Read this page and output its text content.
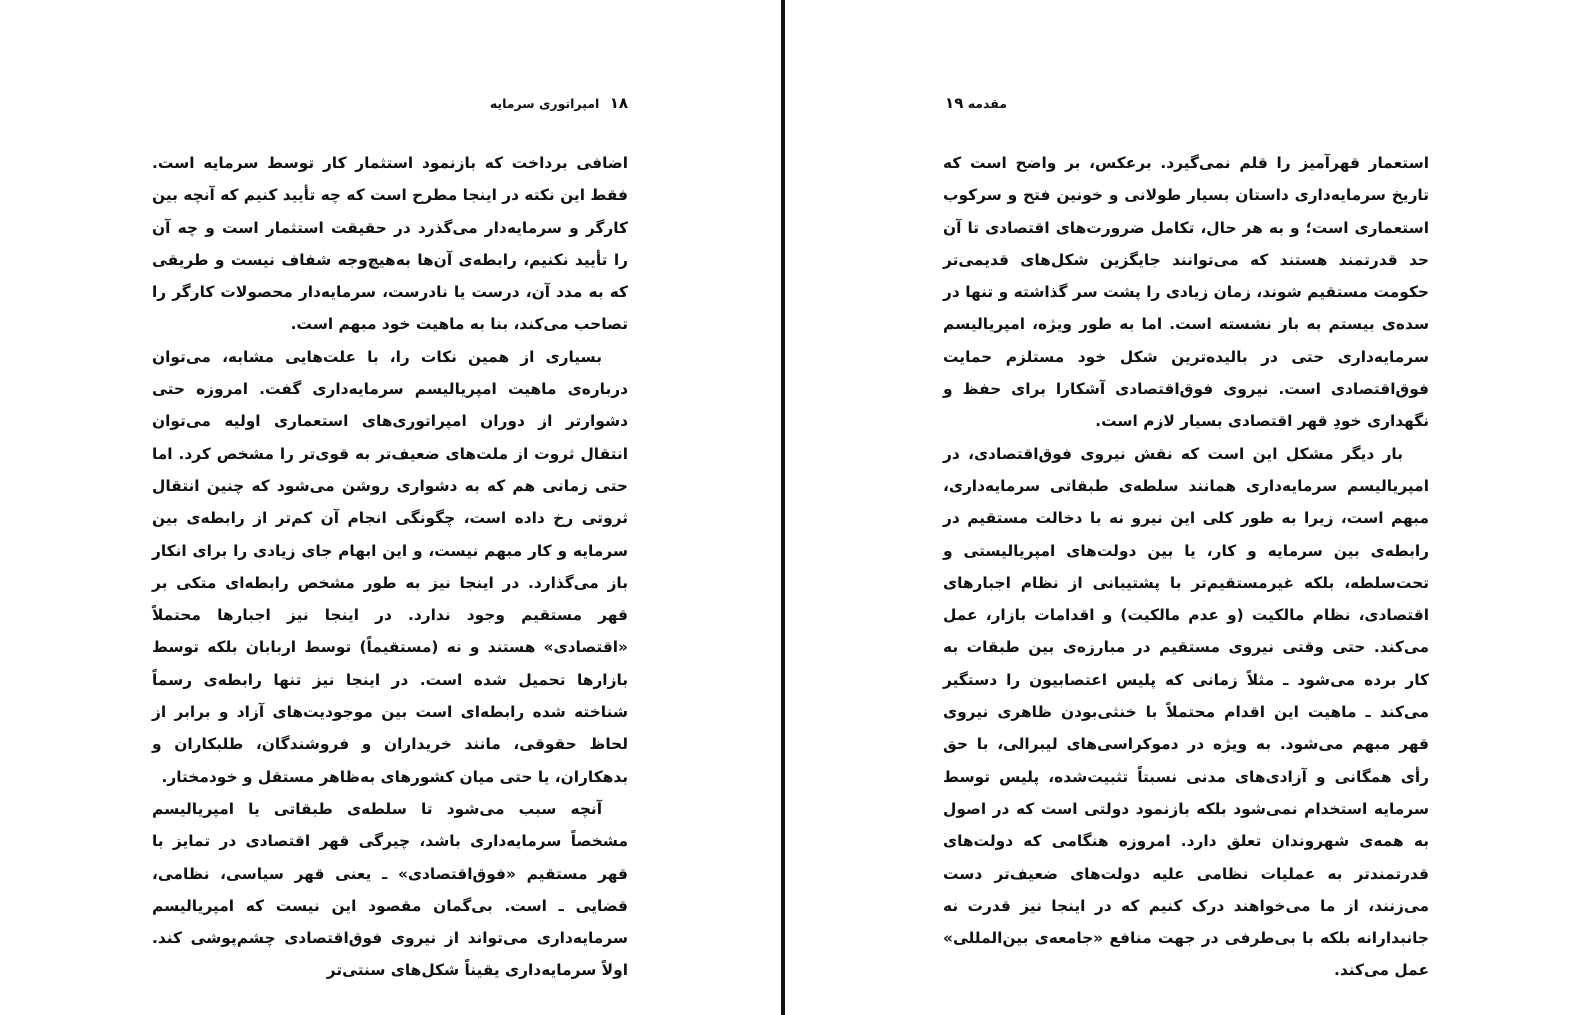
۱۸ امپراتوری سرمایه

اضافی برداخت که بازنمود استثمار کار توسط سرمایه است. فقط این نکته در اینجا مطرح است که چه تأیید کنیم که آنچه بین کارگر و سرمایه‌دار می‌گذرد در حقیقت استثمار است و چه آن را تأیید نکنیم، رابطه‌ی آن‌ها به‌هیچ‌وجه شفاف نیست و طریقی که به مدد آن، درست یا نادرست، سرمایه‌دار محصولات کارگر را تصاحب می‌کند، بنا به ماهیت خود مبهم است.

بسیاری از همین نکات را، با علت‌هایی مشابه، می‌توان درباره‌ی ماهیت امپریالیسم سرمایه‌داری گفت. امروزه حتی دشوارتر از دوران امپراتوری‌های استعماری اولیه می‌توان انتقال ثروت از ملت‌های ضعیف‌تر به قوی‌تر را مشخص کرد. اما حتی زمانی هم که به دشواری روشن می‌شود که چنین انتقال ثروتی رخ داده است، چگونگی انجام آن کم‌تر از رابطه‌ی بین سرمایه و کار مبهم نیست، و این ابهام جای زیادی را برای انکار باز می‌گذارد. در اینجا نیز به طور مشخص رابطه‌ای متکی بر قهر مستقیم وجود ندارد. در اینجا نیز اجبارها محتملاً «اقتصادی» هستند و نه (مستقیماً) توسط اربابان بلکه توسط بازارها تحمیل شده است. در اینجا نیز تنها رابطه‌ی رسماً شناخته شده رابطه‌ای است بین موجودیت‌های آزاد و برابر از لحاظ حقوقی، مانند خریداران و فروشندگان، طلبکاران و بدهکاران، یا حتی میان کشورهای به‌ظاهر مستقل و خودمختار.

آنچه سبب می‌شود تا سلطه‌ی طبقاتی یا امپریالیسم مشخصاً سرمایه‌داری باشد، چیرگی قهر اقتصادی در تمایز با قهر مستقیم «فوق‌اقتصادی» ـ یعنی قهر سیاسی، نظامی، قضایی ـ است. بی‌گمان مقصود این نیست که امپریالیسم سرمایه‌داری می‌تواند از نیروی فوق‌اقتصادی چشم‌پوشی کند. اولاً سرمایه‌داری یقیناً شکل‌های سنتی‌تر

مقدمه ۱۹

استعمار قهرآمیز را قلم نمی‌گیرد. برعکس، بر واضح است که تاریخ سرمایه‌داری داستان بسیار طولانی و خونین فتح و سرکوب استعماری است؛ و به هر حال، تکامل ضرورت‌های اقتصادی تا آن حد قدرتمند هستند که می‌توانند جایگزین شکل‌های قدیمی‌تر حکومت مستقیم شوند، زمان زیادی را پشت سر گذاشته و تنها در سده‌ی بیستم به بار نشسته است. اما به طور ویژه، امپریالیسم سرمایه‌داری حتی در بالیده‌ترین شکل خود مستلزم حمایت فوق‌اقتصادی است. نیروی فوق‌اقتصادی آشکارا برای حفظ و نگهداری خودِ قهر اقتصادی بسیار لازم است.

بار دیگر مشکل این است که نقش نیروی فوق‌اقتصادی، در امپریالیسم سرمایه‌داری همانند سلطه‌ی طبقاتی سرمایه‌داری، مبهم است، زیرا به طور کلی این نیرو نه با دخالت مستقیم در رابطه‌ی بین سرمایه و کار، یا بین دولت‌های امپریالیستی و تحت‌سلطه، بلکه غیرمستقیم‌تر با پشتیبانی از نظام اجبارهای اقتصادی، نظام مالکیت (و عدم مالکیت) و اقدامات بازار، عمل می‌کند. حتی وقتی نیروی مستقیم در مبارزه‌ی بین طبقات به کار برده می‌شود ـ مثلاً زمانی که پلیس اعتصابیون را دستگیر می‌کند ـ ماهیت این اقدام محتملاً با خنثی‌بودن ظاهری نیروی قهر مبهم می‌شود. به ویژه در دموکراسی‌های لیبرالی، با حق رأی همگانی و آزادی‌های مدنی نسبتاً تثبیت‌شده، پلیس توسط سرمایه استخدام نمی‌شود بلکه بازنمود دولتی است که در اصول به همه‌ی شهروندان تعلق دارد. امروزه هنگامی که دولت‌های قدرتمندتر به عملیات نظامی علیه دولت‌های ضعیف‌تر دست می‌زنند، از ما می‌خواهند درک کنیم که در اینجا نیز قدرت نه جانبدارانه بلکه با بی‌طرفی در جهت منافع «جامعه‌ی بین‌المللی» عمل می‌کند.
